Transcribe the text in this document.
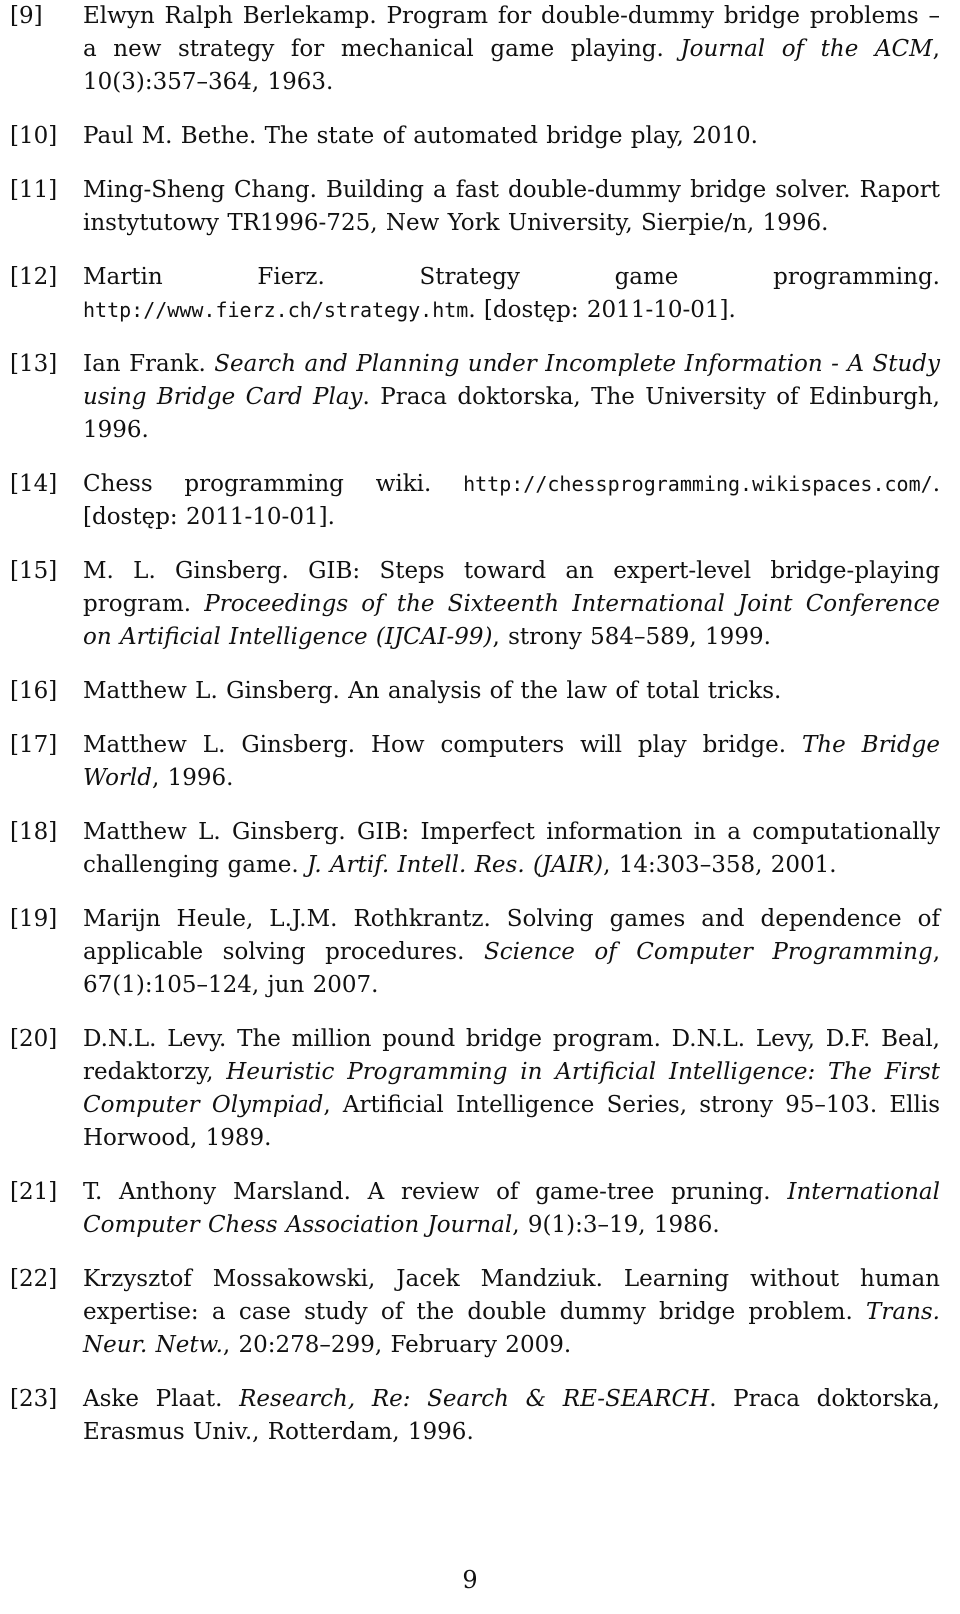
[9] Elwyn Ralph Berlekamp. Program for double-dummy bridge problems – a new strategy for mechanical game playing. Journal of the ACM, 10(3):357–364, 1963.
[10] Paul M. Bethe. The state of automated bridge play, 2010.
[11] Ming-Sheng Chang. Building a fast double-dummy bridge solver. Raport instytutowy TR1996-725, New York University, Sierpie/n, 1996.
[12] Martin Fierz. Strategy game programming. http://www.fierz.ch/strategy.htm. [dostęp: 2011-10-01].
[13] Ian Frank. Search and Planning under Incomplete Information - A Study using Bridge Card Play. Praca doktorska, The University of Edinburgh, 1996.
[14] Chess programming wiki. http://chessprogramming.wikispaces.com/. [dostęp: 2011-10-01].
[15] M. L. Ginsberg. GIB: Steps toward an expert-level bridge-playing program. Proceedings of the Sixteenth International Joint Conference on Artificial Intelligence (IJCAI-99), strony 584–589, 1999.
[16] Matthew L. Ginsberg. An analysis of the law of total tricks.
[17] Matthew L. Ginsberg. How computers will play bridge. The Bridge World, 1996.
[18] Matthew L. Ginsberg. GIB: Imperfect information in a computationally challenging game. J. Artif. Intell. Res. (JAIR), 14:303–358, 2001.
[19] Marijn Heule, L.J.M. Rothkrantz. Solving games and dependence of applicable solving procedures. Science of Computer Programming, 67(1):105–124, jun 2007.
[20] D.N.L. Levy. The million pound bridge program. D.N.L. Levy, D.F. Beal, redaktorzy, Heuristic Programming in Artificial Intelligence: The First Computer Olympiad, Artificial Intelligence Series, strony 95–103. Ellis Horwood, 1989.
[21] T. Anthony Marsland. A review of game-tree pruning. International Computer Chess Association Journal, 9(1):3–19, 1986.
[22] Krzysztof Mossakowski, Jacek Mandziuk. Learning without human expertise: a case study of the double dummy bridge problem. Trans. Neur. Netw., 20:278–299, February 2009.
[23] Aske Plaat. Research, Re: Search & RE-SEARCH. Praca doktorska, Erasmus Univ., Rotterdam, 1996.
9
